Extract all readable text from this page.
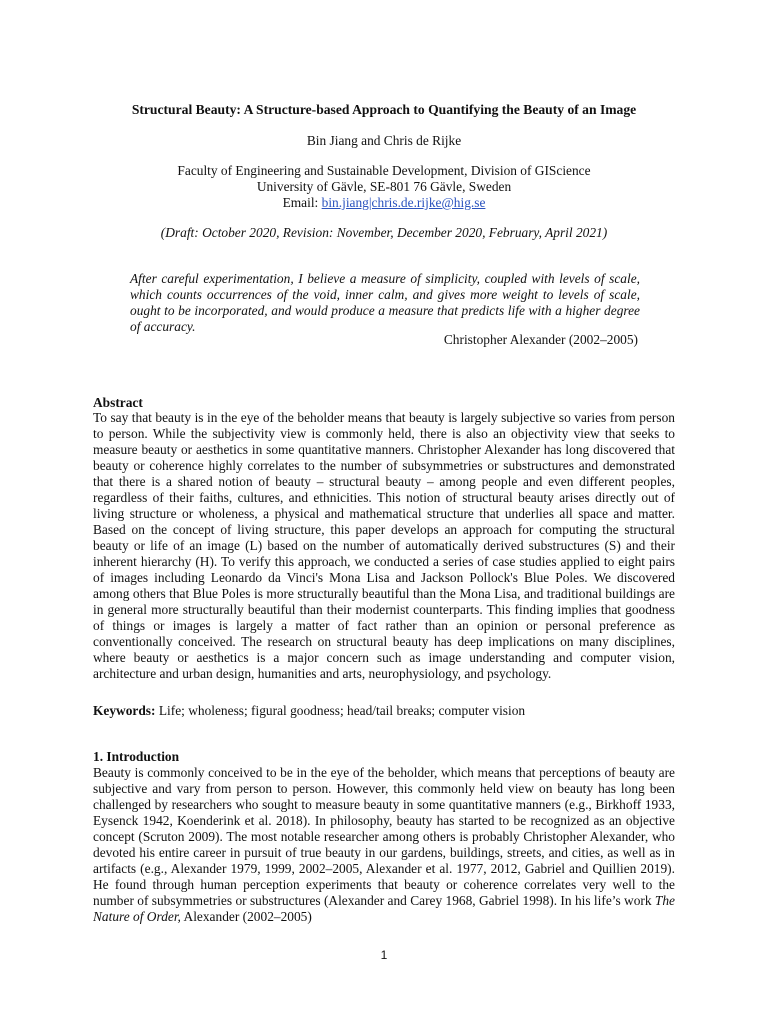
Structural Beauty: A Structure-based Approach to Quantifying the Beauty of an Image
Bin Jiang and Chris de Rijke
Faculty of Engineering and Sustainable Development, Division of GIScience
University of Gävle, SE-801 76 Gävle, Sweden
Email: bin.jiang|chris.de.rijke@hig.se
(Draft: October 2020, Revision: November, December 2020, February, April 2021)
After careful experimentation, I believe a measure of simplicity, coupled with levels of scale, which counts occurrences of the void, inner calm, and gives more weight to levels of scale, ought to be incorporated, and would produce a measure that predicts life with a higher degree of accuracy.
Christopher Alexander (2002–2005)
Abstract
To say that beauty is in the eye of the beholder means that beauty is largely subjective so varies from person to person. While the subjectivity view is commonly held, there is also an objectivity view that seeks to measure beauty or aesthetics in some quantitative manners. Christopher Alexander has long discovered that beauty or coherence highly correlates to the number of subsymmetries or substructures and demonstrated that there is a shared notion of beauty – structural beauty – among people and even different peoples, regardless of their faiths, cultures, and ethnicities. This notion of structural beauty arises directly out of living structure or wholeness, a physical and mathematical structure that underlies all space and matter. Based on the concept of living structure, this paper develops an approach for computing the structural beauty or life of an image (L) based on the number of automatically derived substructures (S) and their inherent hierarchy (H). To verify this approach, we conducted a series of case studies applied to eight pairs of images including Leonardo da Vinci's Mona Lisa and Jackson Pollock's Blue Poles. We discovered among others that Blue Poles is more structurally beautiful than the Mona Lisa, and traditional buildings are in general more structurally beautiful than their modernist counterparts. This finding implies that goodness of things or images is largely a matter of fact rather than an opinion or personal preference as conventionally conceived. The research on structural beauty has deep implications on many disciplines, where beauty or aesthetics is a major concern such as image understanding and computer vision, architecture and urban design, humanities and arts, neurophysiology, and psychology.
Keywords: Life; wholeness; figural goodness; head/tail breaks; computer vision
1. Introduction
Beauty is commonly conceived to be in the eye of the beholder, which means that perceptions of beauty are subjective and vary from person to person. However, this commonly held view on beauty has long been challenged by researchers who sought to measure beauty in some quantitative manners (e.g., Birkhoff 1933, Eysenck 1942, Koenderink et al. 2018). In philosophy, beauty has started to be recognized as an objective concept (Scruton 2009). The most notable researcher among others is probably Christopher Alexander, who devoted his entire career in pursuit of true beauty in our gardens, buildings, streets, and cities, as well as in artifacts (e.g., Alexander 1979, 1999, 2002–2005, Alexander et al. 1977, 2012, Gabriel and Quillien 2019). He found through human perception experiments that beauty or coherence correlates very well to the number of subsymmetries or substructures (Alexander and Carey 1968, Gabriel 1998). In his life’s work The Nature of Order, Alexander (2002–2005)
1
